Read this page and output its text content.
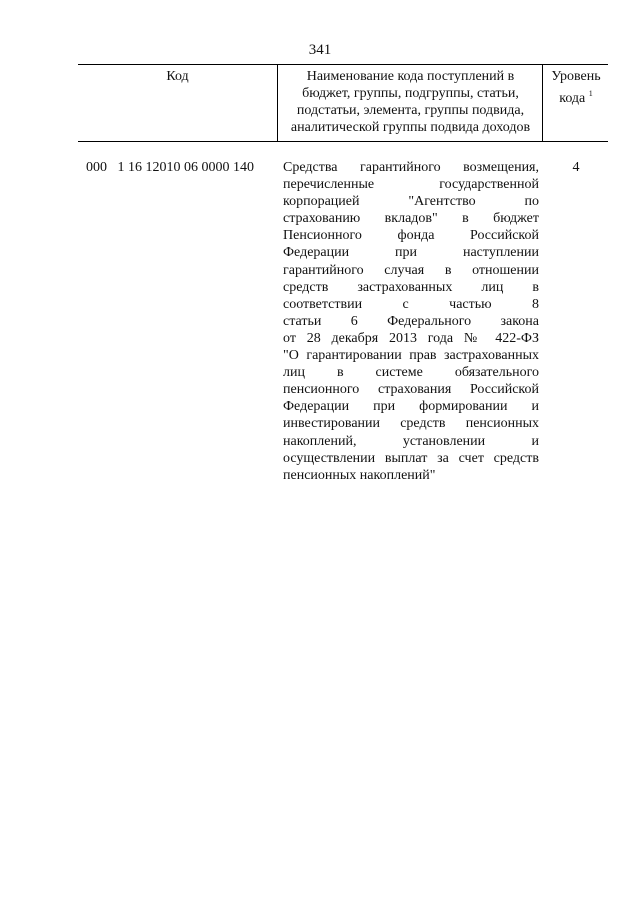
341
Код	Наименование кода поступлений в
бюджет, группы, подгруппы, статьи,
подстатьи, элемента, группы подвида,
аналитической группы подвида доходов
Уровень
кода $^1$
000   1 16 12010 06 0000 140 Средства гарантийного возмещения,
перечисленные государственной
корпорацией "Агентство по
страхованию вкладов" в бюджет
Пенсионного фонда Российской
Федерации при наступлении
гарантийного случая в отношении
средств застрахованных лиц в
соответствии с частью 8
статьи 6 Федерального закона
от 28 декабря 2013 года № 422-ФЗ
"О гарантировании прав застрахованных
лиц в системе обязательного
пенсионного страхования Российской
Федерации при формировании и
инвестировании средств пенсионных
накоплений, установлении и
осуществлении выплат за счет средств
пенсионных накоплений"
4
